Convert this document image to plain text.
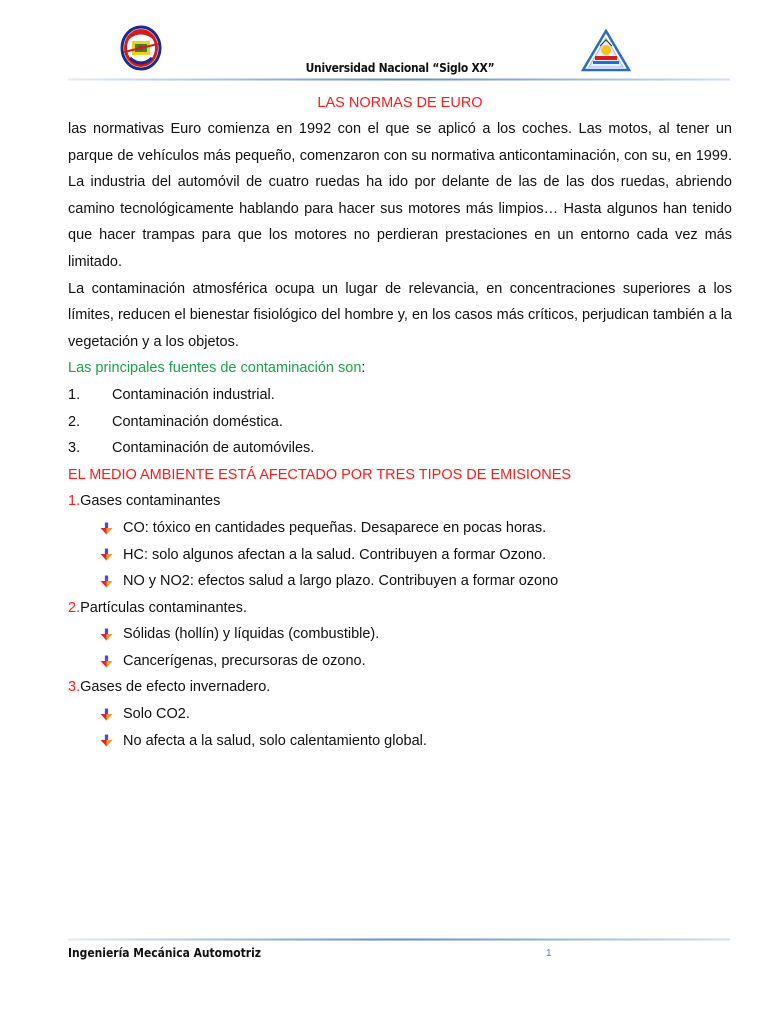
Universidad Nacional “Siglo XX”
LAS NORMAS DE EURO

las normativas Euro comienza en 1992 con el que se aplicó a los coches. Las motos, al tener un parque de vehículos más pequeño, comenzaron con su normativa anticontaminación, con su, en 1999. La industria del automóvil de cuatro ruedas ha ido por delante de las de las dos ruedas, abriendo camino tecnológicamente hablando para hacer sus motores más limpios… Hasta algunos han tenido que hacer trampas para que los motores no perdieran prestaciones en un entorno cada vez más limitado.

La contaminación atmosférica ocupa un lugar de relevancia, en concentraciones superiores a los límites, reducen el bienestar fisiológico del hombre y, en los casos más críticos, perjudican también a la vegetación y a los objetos.

Las principales fuentes de contaminación son:

1.	Contaminación industrial.
2.	Contaminación doméstica.
3.	Contaminación de automóviles.

EL MEDIO AMBIENTE ESTÁ AFECTADO POR TRES TIPOS DE EMISIONES

1.Gases contaminantes

CO: tóxico en cantidades pequeñas. Desaparece en pocas horas.
HC: solo algunos afectan a la salud. Contribuyen a formar Ozono.
NO y NO2: efectos salud a largo plazo. Contribuyen a formar ozono

2.Partículas contaminantes.

Sólidas (hollín) y líquidas (combustible).
Cancerígenas, precursoras de ozono.

3.Gases de efecto invernadero.

Solo CO2.
No afecta a la salud, solo calentamiento global.
Ingeniería Mecánica Automotriz	1
